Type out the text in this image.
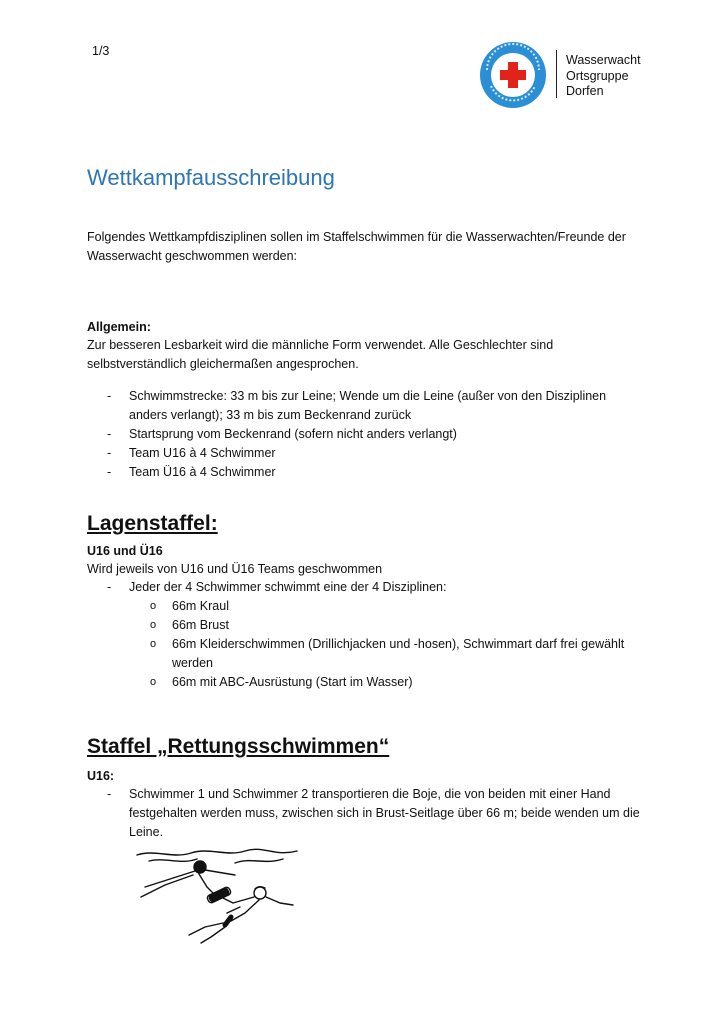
1/3
Wasserwacht
Ortsgruppe
Dorfen
Wettkampfausschreibung
Folgendes Wettkampfdisziplinen sollen im Staffelschwimmen für die Wasserwachten/Freunde der Wasserwacht geschwommen werden:
Allgemein:
Zur besseren Lesbarkeit wird die männliche Form verwendet. Alle Geschlechter sind selbstverständlich gleichermaßen angesprochen.
- Schwimmstrecke: 33 m bis zur Leine; Wende um die Leine (außer von den Disziplinen anders verlangt); 33 m bis zum Beckenrand zurück
- Startsprung vom Beckenrand (sofern nicht anders verlangt)
- Team U16 à 4 Schwimmer
- Team Ü16 à 4 Schwimmer
Lagenstaffel:
U16 und Ü16
Wird jeweils von U16 und Ü16 Teams geschwommen
- Jeder der 4 Schwimmer schwimmt eine der 4 Disziplinen:
o 66m Kraul
o 66m Brust
o 66m Kleiderschwimmen (Drillichjacken und -hosen), Schwimmart darf frei gewählt werden
o 66m mit ABC-Ausrüstung (Start im Wasser)
Staffel „Rettungsschwimmen“
U16:
- Schwimmer 1 und Schwimmer 2 transportieren die Boje, die von beiden mit einer Hand festgehalten werden muss, zwischen sich in Brust-Seitlage über 66 m; beide wenden um die Leine.
